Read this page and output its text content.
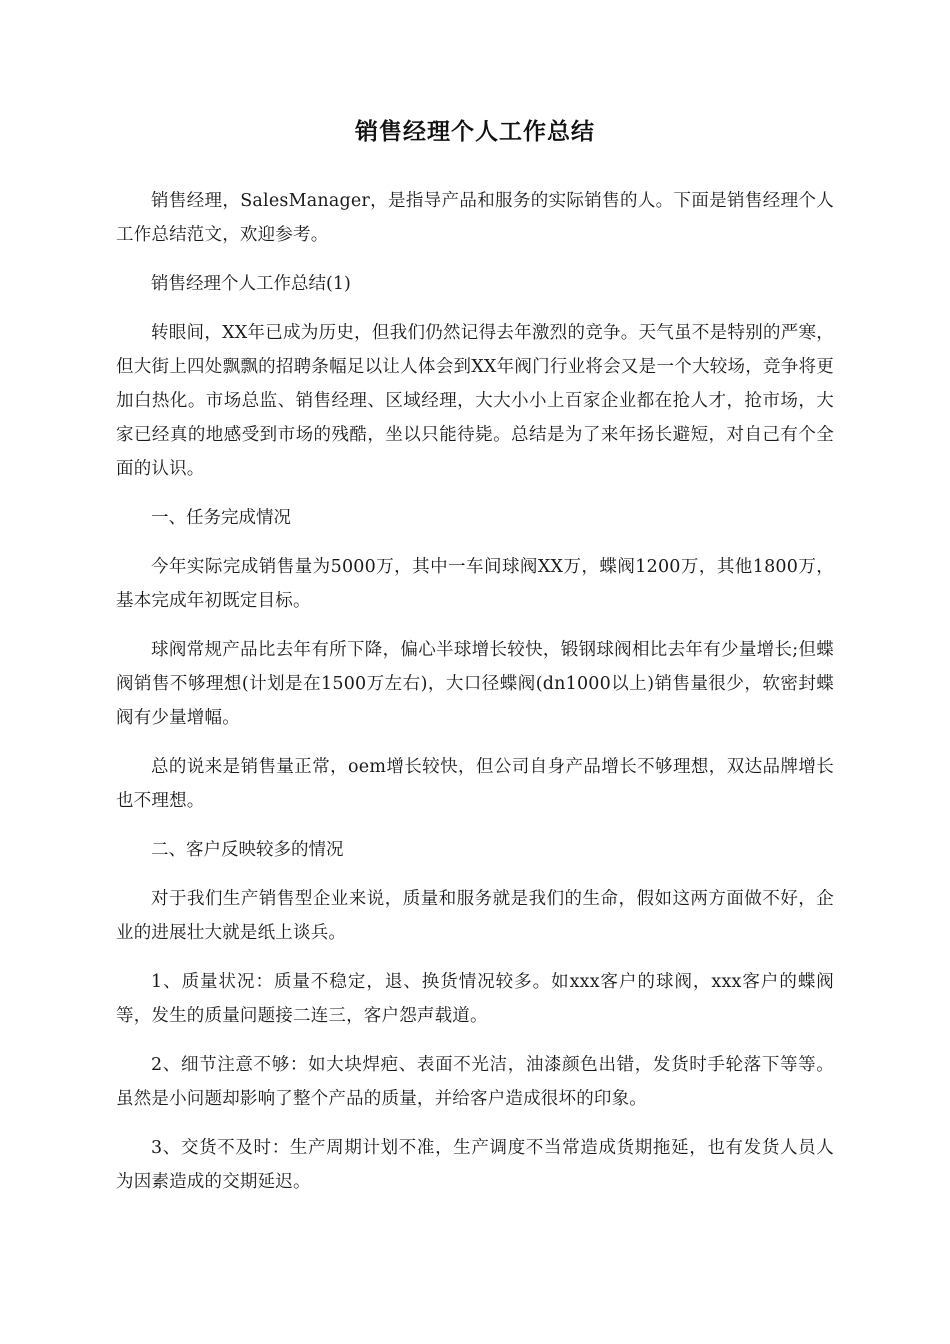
销售经理个人工作总结

销售经理，SalesManager，是指导产品和服务的实际销售的人。下面是销售经理个人工作总结范文，欢迎参考。

销售经理个人工作总结(1)

转眼间，XX年已成为历史，但我们仍然记得去年激烈的竞争。天气虽不是特别的严寒，但大街上四处飘飘的招聘条幅足以让人体会到XX年阀门行业将会又是一个大较场，竞争将更加白热化。市场总监、销售经理、区域经理，大大小小上百家企业都在抢人才，抢市场，大家已经真的地感受到市场的残酷，坐以只能待毙。总结是为了来年扬长避短，对自己有个全面的认识。

一、任务完成情况

今年实际完成销售量为5000万，其中一车间球阀XX万，蝶阀1200万，其他1800万，基本完成年初既定目标。

球阀常规产品比去年有所下降，偏心半球增长较快，锻钢球阀相比去年有少量增长;但蝶阀销售不够理想(计划是在1500万左右)，大口径蝶阀(dn1000以上)销售量很少，软密封蝶阀有少量增幅。

总的说来是销售量正常，oem增长较快，但公司自身产品增长不够理想，双达品牌增长也不理想。

二、客户反映较多的情况

对于我们生产销售型企业来说，质量和服务就是我们的生命，假如这两方面做不好，企业的进展壮大就是纸上谈兵。

1、质量状况：质量不稳定，退、换货情况较多。如xxx客户的球阀，xxx客户的蝶阀等，发生的质量问题接二连三，客户怨声载道。

2、细节注意不够：如大块焊疤、表面不光洁，油漆颜色出错，发货时手轮落下等等。虽然是小问题却影响了整个产品的质量，并给客户造成很坏的印象。

3、交货不及时：生产周期计划不准，生产调度不当常造成货期拖延，也有发货人员人为因素造成的交期延迟。
